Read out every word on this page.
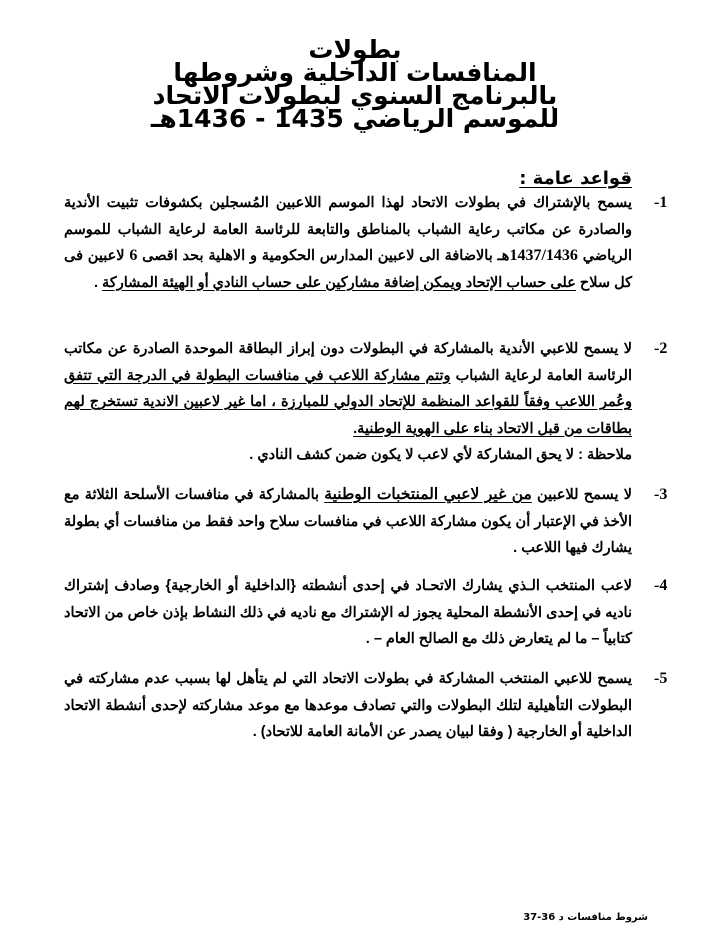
بطولات
المنافسات الداخلية وشروطها
بالبرنامج السنوي لبطولات الاتحاد
للموسم الرياضي 1435 - 1436هـ
قواعد عامة :
-1
يسمح بالإشتراك في بطولات الاتحاد لهذا الموسم اللاعبين المُسجلين بكشوفات تثبيت الأندية والصادرة عن مكاتب رعاية الشباب بالمناطق والتابعة للرئاسة العامة لرعاية الشباب للموسم الرياضي 1437/1436هـ بالاضافة الى لاعبين المدارس الحكومية و الاهلية بحد اقصى 6 لاعبين فى كل سلاح على حساب الإتحاد ويمكن إضافة مشاركين على حساب النادي أو الهيئة المشاركة .
-2

لا يسمح للاعبي الأندية بالمشاركة في البطولات دون إبراز البطاقة الموحدة الصادرة عن مكاتب الرئاسة العامة لرعاية الشباب وتتم مشاركة اللاعب في منافسات البطولة في الدرجة التي تتفق وعُمر اللاعب وفقاً للقواعد المنظمة للإتحاد الدولي للمبارزة ، اما غير لاعبين الاندية تستخرج لهم بطاقات من قبل الاتحاد بناء على الهوية الوطنية.

ملاحظة : لا يحق المشاركة لأي لاعب لا يكون ضمن كشف النادي .

-3
لا يسمح للاعبين من غير لاعبي المنتخبات الوطنية بالمشاركة في منافسات الأسلحة الثلاثة مع الأخذ في الإعتبار أن يكون مشاركة اللاعب في منافسات سلاح واحد فقط من منافسات أي بطولة يشارك فيها اللاعب .
-4
لاعب المنتخب الـذي يشارك الاتحـاد في إحدى أنشطته {الداخلية أو الخارجية} وصادف إشتراك ناديه في إحدى الأنشطة المحلية يجوز له الإشتراك مع ناديه في ذلك النشاط بإذن خاص من الاتحاد كتابياً – ما لم يتعارض ذلك مع الصالح العام – .
-5
يسمح للاعبي المنتخب المشاركة في بطولات الاتحاد التي لم يتأهل لها بسبب عدم مشاركته في البطولات التأهيلية لتلك البطولات والتي تصادف موعدها مع موعد مشاركته لإحدى أنشطة الاتحاد الداخلية أو الخارجية ( وفقا لبيان يصدر عن الأمانة العامة للاتحاد) .
شروط منافسات د 36-37
